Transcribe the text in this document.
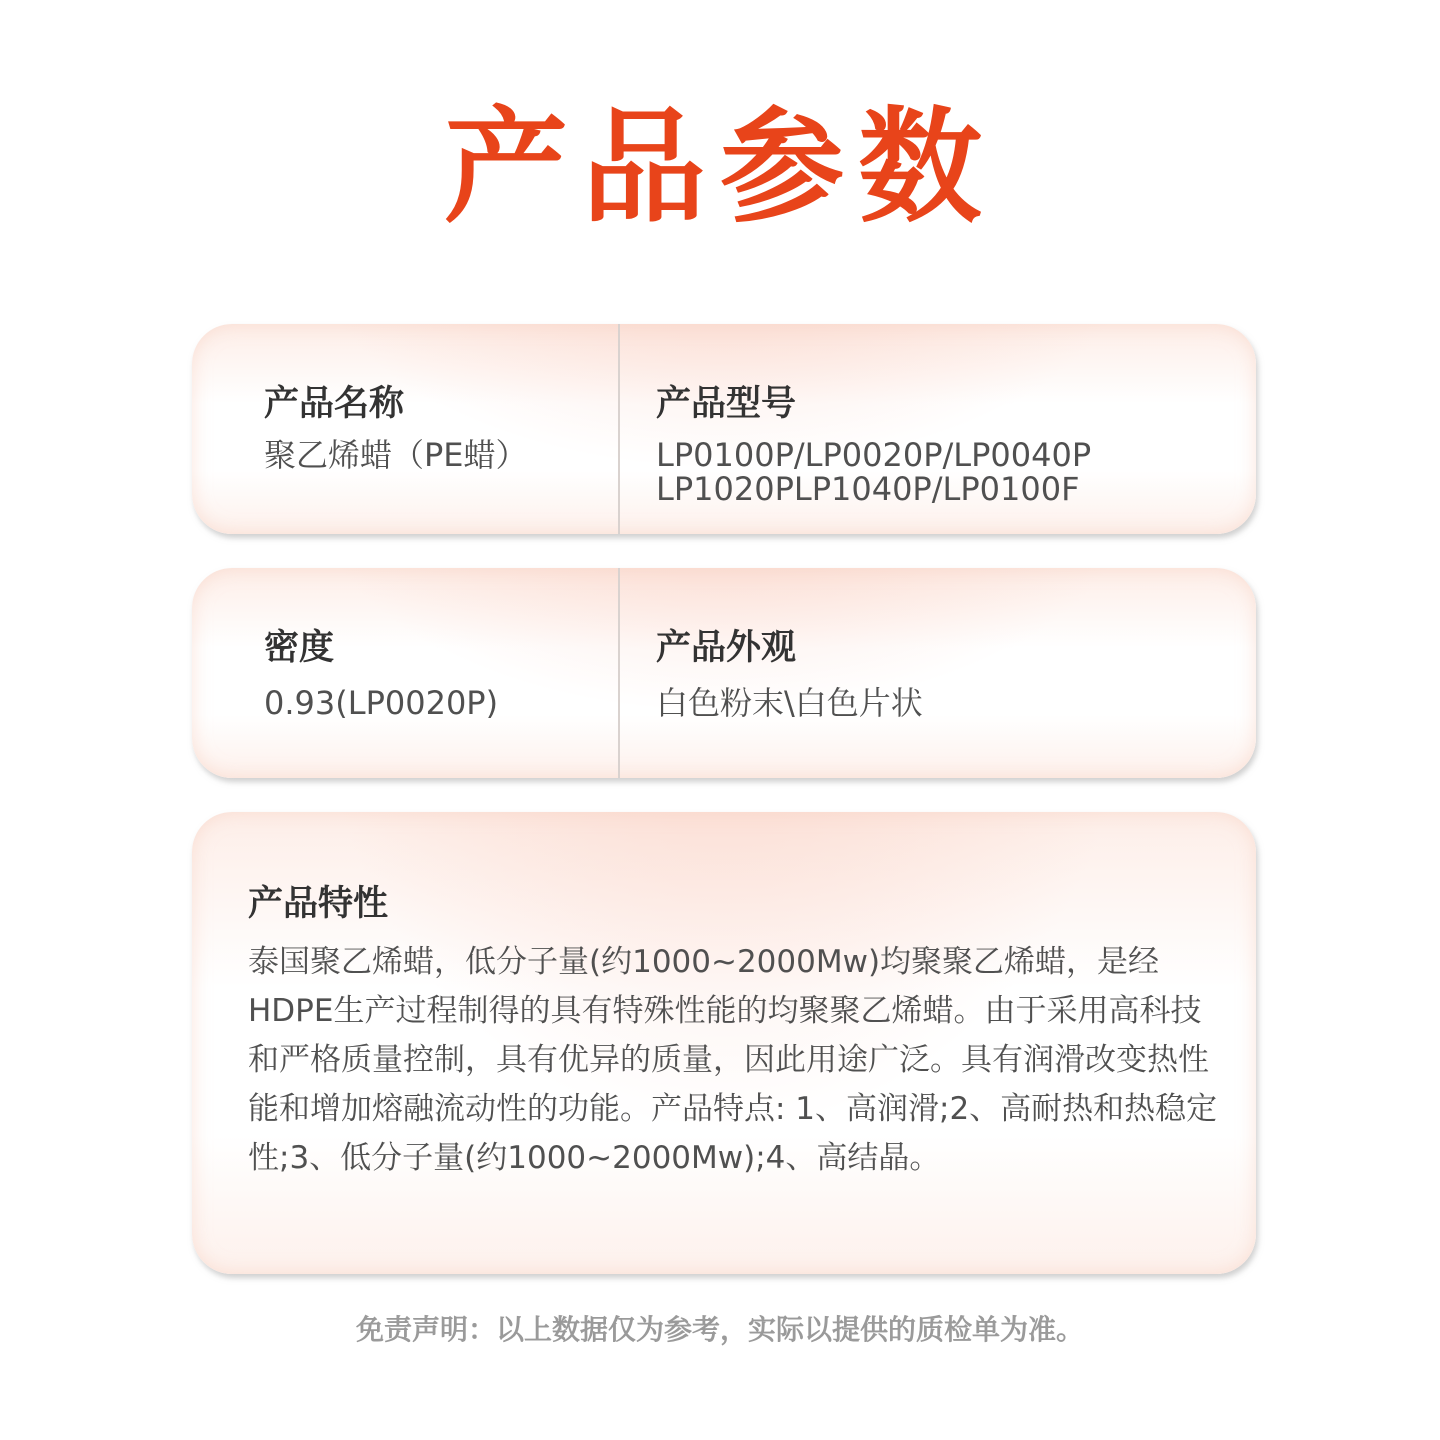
产品参数
产品名称
聚乙烯蜡（PE蜡）
产品型号
LP0100P/LP0020P/LP0040P
LP1020PLP1040P/LP0100F
密度
0.93(LP0020P)
产品外观
白色粉末\白色片状
产品特性
泰国聚乙烯蜡，低分子量(约1000~2000Mw)均聚聚乙烯蜡，是经HDPE生产过程制得的具有特殊性能的均聚聚乙烯蜡。由于采用高科技和严格质量控制，具有优异的质量，因此用途广泛。具有润滑改变热性能和增加熔融流动性的功能。产品特点: 1、高润滑;2、高耐热和热稳定性;3、低分子量(约1000~2000Mw);4、高结晶。
免责声明：以上数据仅为参考，实际以提供的质检单为准。
